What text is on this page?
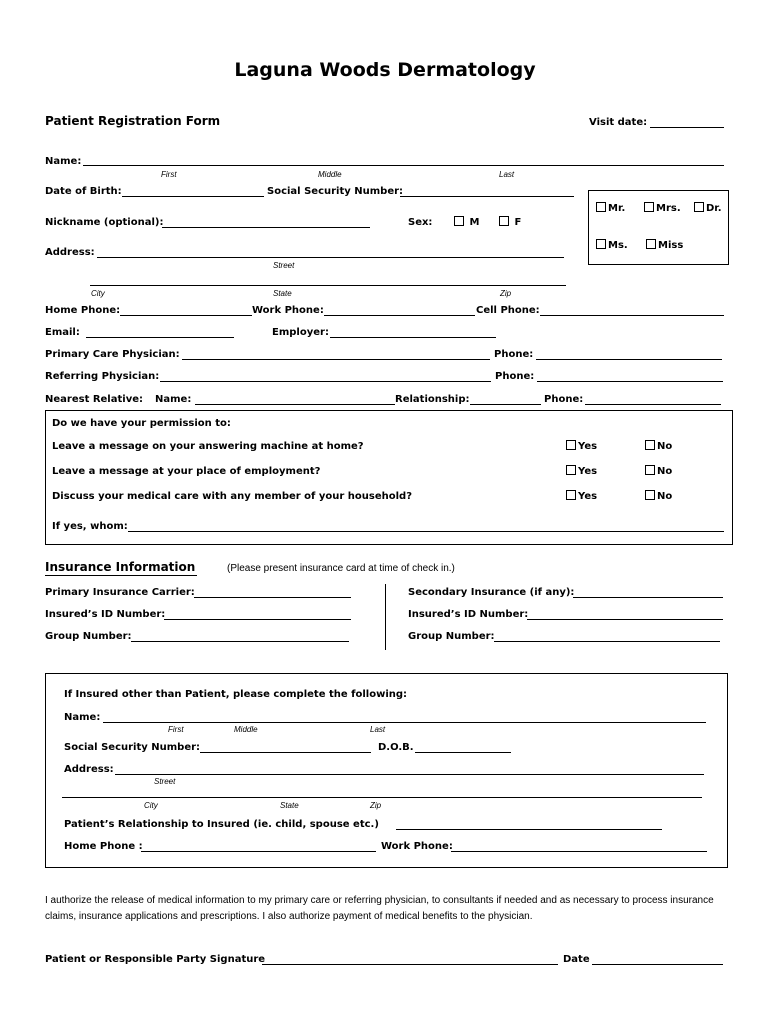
Laguna Woods Dermatology
Patient Registration Form	Visit date:
Name:
First	Middle	Last
Date of Birth:	Social Security Number:
Mr.	Mrs.	Dr.
Ms.	Miss
Nickname (optional):	Sex:	M	F
Address:
Street
City	State	Zip
Home Phone:	Work Phone:	Cell Phone:
Email:	Employer:
Primary Care Physician:	Phone:
Referring Physician:	Phone:
Nearest Relative: Name:	Relationship:	Phone:
Do we have your permission to:
Leave a message on your answering machine at home?	Yes	No
Leave a message at your place of employment?	Yes	No
Discuss your medical care with any member of your household?	Yes	No
If yes, whom:
Insurance Information	(Please present insurance card at time of check in.)
Primary Insurance Carrier:	Secondary Insurance (if any):
Insured’s ID Number:	Insured’s ID Number:
Group Number:	Group Number:
If Insured other than Patient, please complete the following:
Name:
First	Middle	Last
Social Security Number:	D.O.B.
Address:
Street
City	State	Zip
Patient’s Relationship to Insured (ie. child, spouse etc.)
Home Phone :	Work Phone:
I authorize the release of medical information to my primary care or referring physician, to consultants if needed and as necessary to process insurance
claims, insurance applications and prescriptions. I also authorize payment of medical benefits to the physician.
Patient or Responsible Party Signature	Date
